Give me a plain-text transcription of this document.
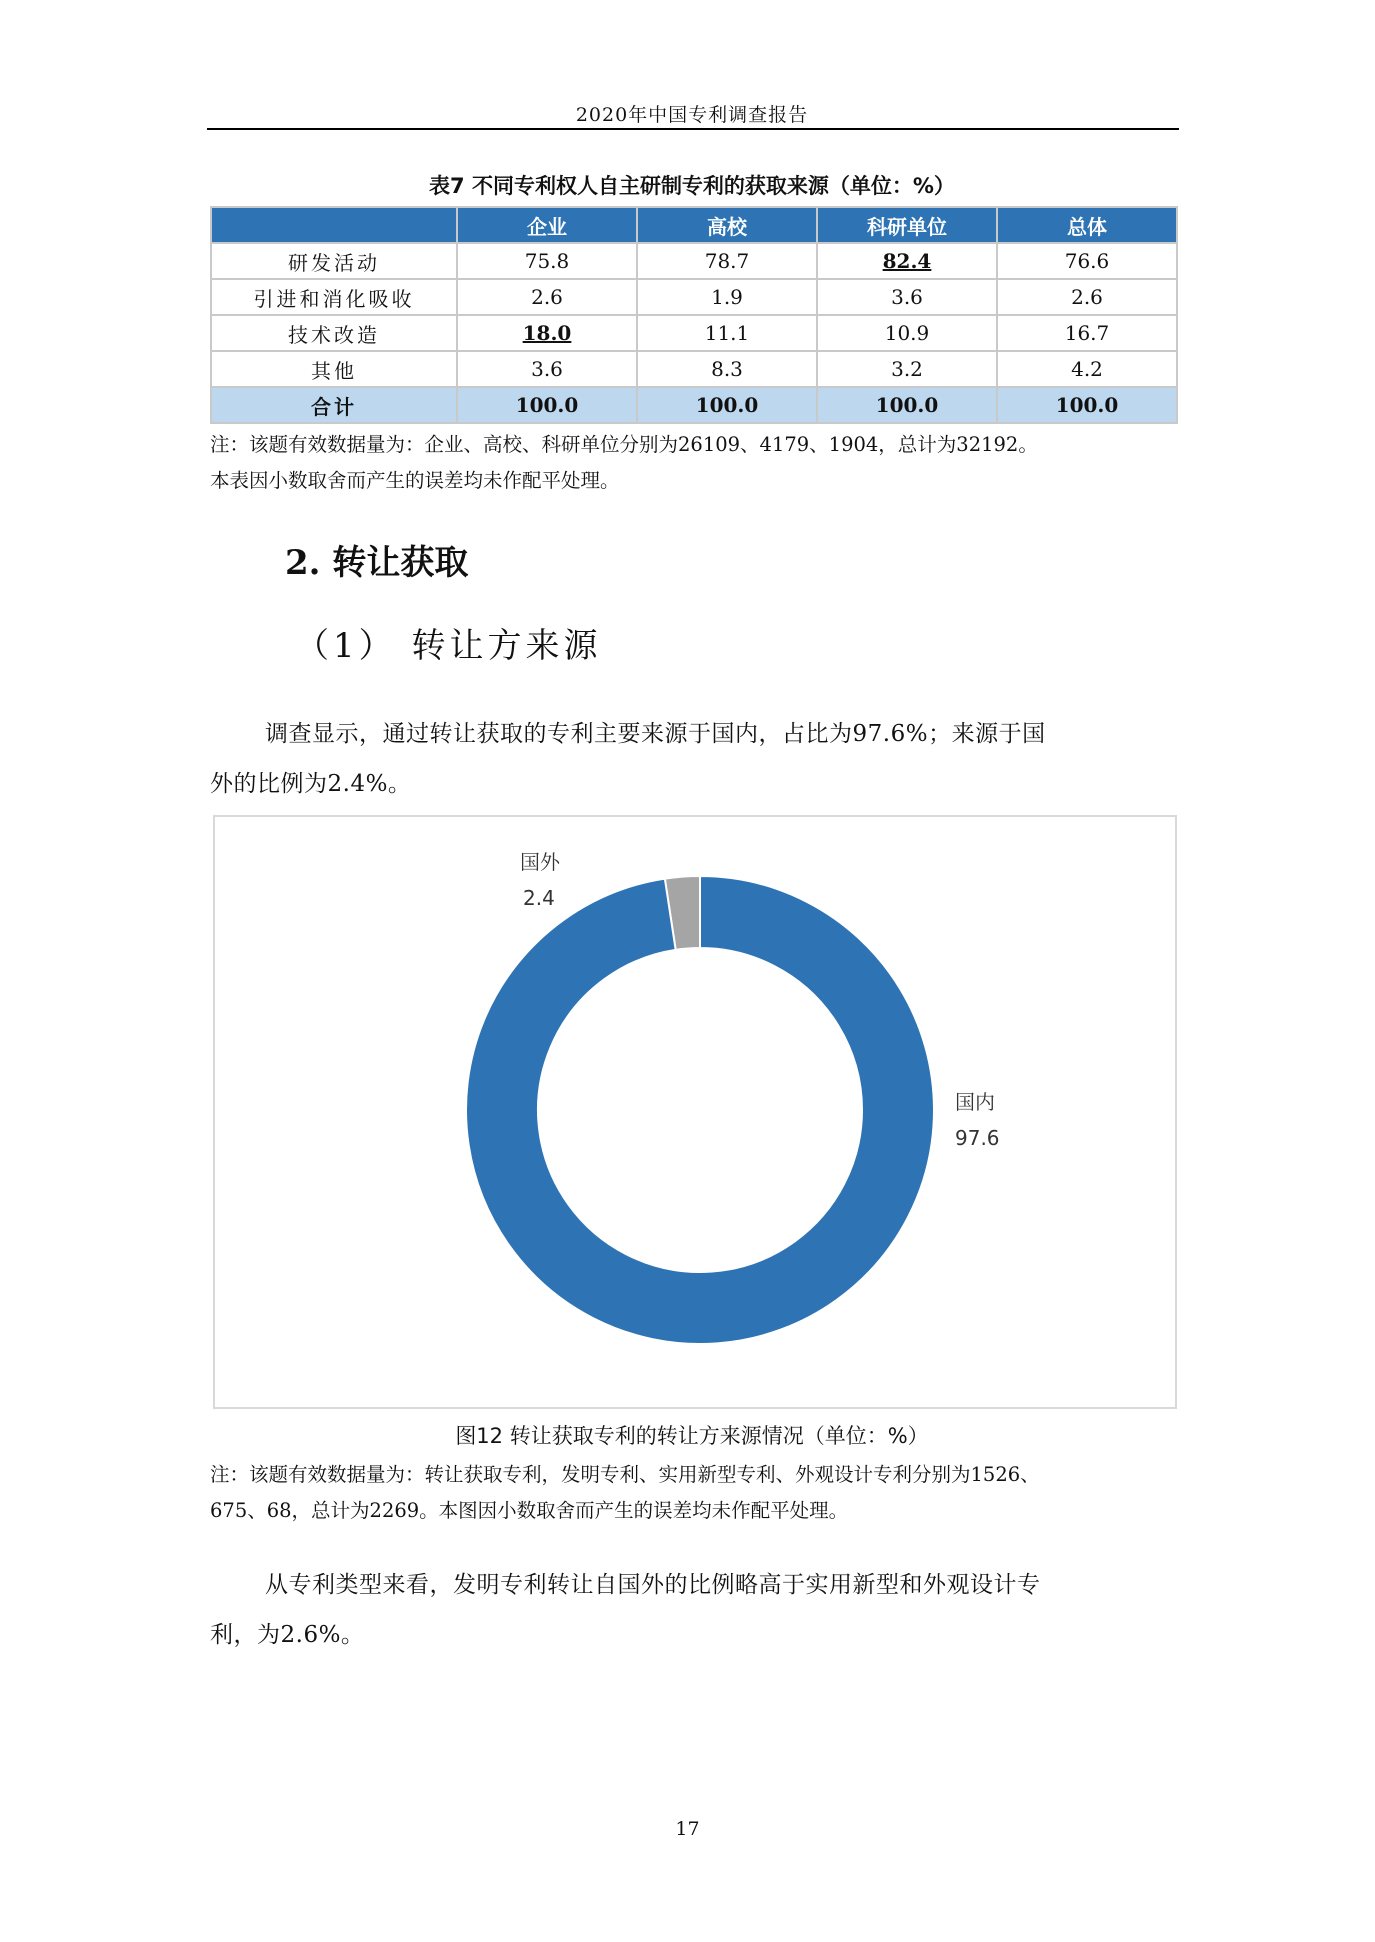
2020年中国专利调查报告
表7 不同专利权人自主研制专利的获取来源（单位：%）
	企业	高校	科研单位	总体
研发活动	75.8	78.7	82.4	76.6
引进和消化吸收	2.6	1.9	3.6	2.6
技术改造	18.0	11.1	10.9	16.7
其他	3.6	8.3	3.2	4.2
合计	100.0	100.0	100.0	100.0
注：该题有效数据量为：企业、高校、科研单位分别为26109、4179、1904，总计为32192。
本表因小数取舍而产生的误差均未作配平处理。
2. 转让获取
（1） 转让方来源
调查显示，通过转让获取的专利主要来源于国内，占比为97.6%；来源于国
外的比例为2.4%。
国外
2.4
国内
97.6
图12 转让获取专利的转让方来源情况（单位：%）
注：该题有效数据量为：转让获取专利，发明专利、实用新型专利、外观设计专利分别为1526、
675、68，总计为2269。本图因小数取舍而产生的误差均未作配平处理。
从专利类型来看，发明专利转让自国外的比例略高于实用新型和外观设计专
利，为2.6%。
17
